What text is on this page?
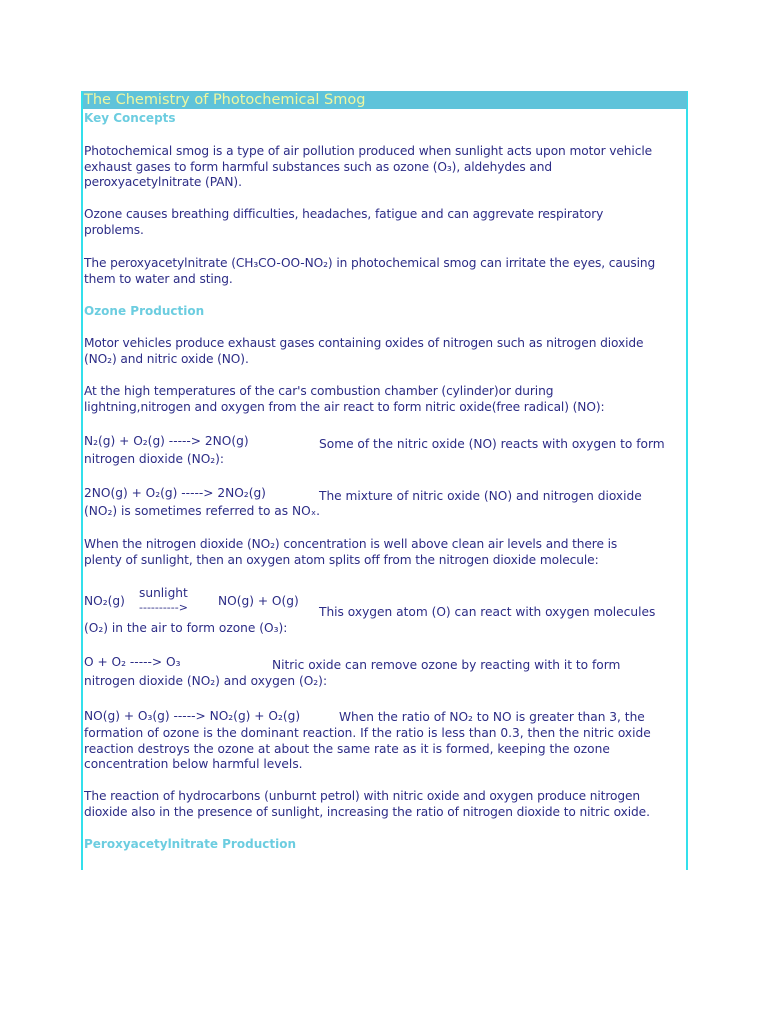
The Chemistry of Photochemical Smog
Key Concepts
Photochemical smog is a type of air pollution produced when sunlight acts upon motor vehicle
exhaust gases to form harmful substances such as ozone (O₃), aldehydes and
peroxyacetylnitrate (PAN).
Ozone causes breathing difficulties, headaches, fatigue and can aggrevate respiratory
problems.
The peroxyacetylnitrate (CH₃CO-OO-NO₂) in photochemical smog can irritate the eyes, causing
them to water and sting.
Ozone Production
Motor vehicles produce exhaust gases containing oxides of nitrogen such as nitrogen dioxide
(NO₂) and nitric oxide (NO).
At the high temperatures of the car's combustion chamber (cylinder)or during
lightning,nitrogen and oxygen from the air react to form nitric oxide(free radical) (NO):
N₂(g) + O₂(g) -----> 2NO(g)	Some of the nitric oxide (NO) reacts with oxygen to form
nitrogen dioxide (NO₂):
2NO(g) + O₂(g) -----> 2NO₂(g)	The mixture of nitric oxide (NO) and nitrogen dioxide
(NO₂) is sometimes referred to as NOₓ.
When the nitrogen dioxide (NO₂) concentration is well above clean air levels and there is
plenty of sunlight, then an oxygen atom splits off from the nitrogen dioxide molecule:
NO₂(g)
sunlight
----------> NO(g) + O(g)
This oxygen atom (O) can react with oxygen molecules
(O₂) in the air to form ozone (O₃):
O + O₂ -----> O₃	Nitric oxide can remove ozone by reacting with it to form
nitrogen dioxide (NO₂) and oxygen (O₂):
NO(g) + O₃(g) -----> NO₂(g) + O₂(g)	When the ratio of NO₂ to NO is greater than 3, the
formation of ozone is the dominant reaction. If the ratio is less than 0.3, then the nitric oxide
reaction destroys the ozone at about the same rate as it is formed, keeping the ozone
concentration below harmful levels.
The reaction of hydrocarbons (unburnt petrol) with nitric oxide and oxygen produce nitrogen
dioxide also in the presence of sunlight, increasing the ratio of nitrogen dioxide to nitric oxide.
Peroxyacetylnitrate Production
